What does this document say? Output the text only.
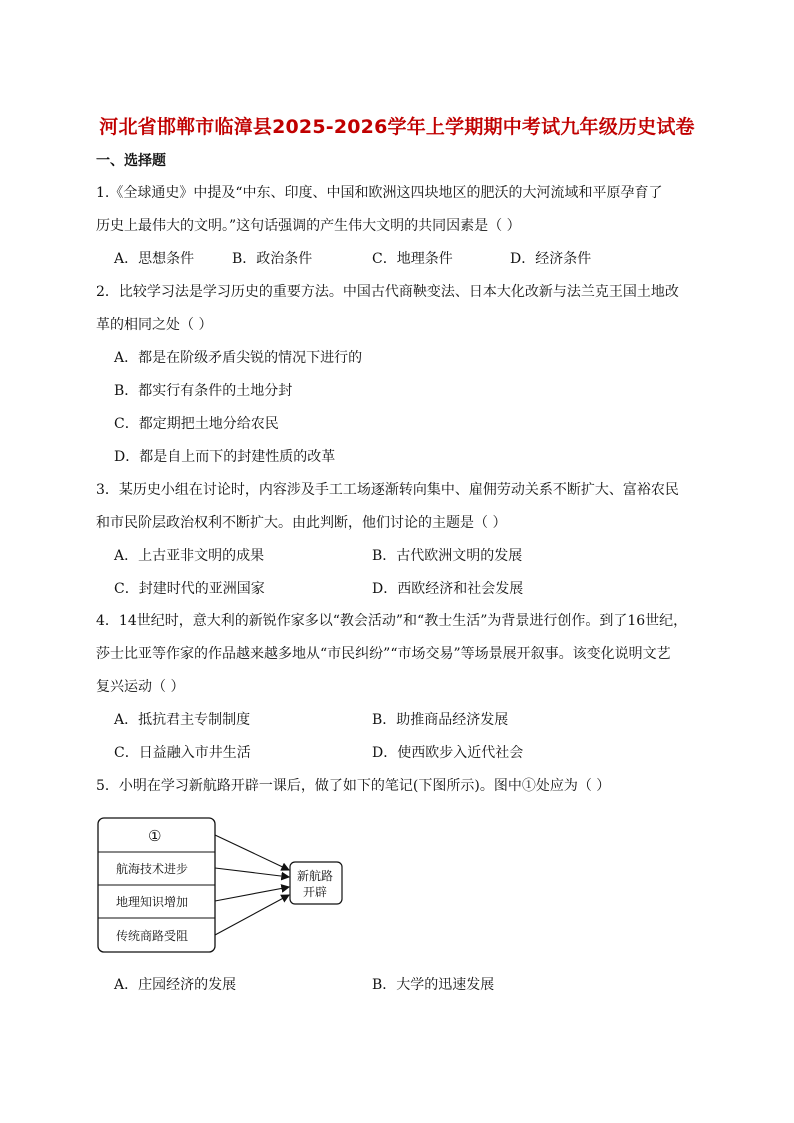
河北省邯郸市临漳县2025-2026学年上学期期中考试九年级历史试卷
一、选择题
1.《全球通史》中提及“中东、印度、中国和欧洲这四块地区的肥沃的大河流域和平原孕育了
历史上最伟大的文明。”这句话强调的产生伟大文明的共同因素是（ ）
A．思想条件	B．政治条件	C．地理条件	D．经济条件
2．比较学习法是学习历史的重要方法。中国古代商鞅变法、日本大化改新与法兰克王国土地改
革的相同之处（ ）
A．都是在阶级矛盾尖锐的情况下进行的
B．都实行有条件的土地分封
C．都定期把土地分给农民
D．都是自上而下的封建性质的改革
3．某历史小组在讨论时，内容涉及手工工场逐渐转向集中、雇佣劳动关系不断扩大、富裕农民
和市民阶层政治权利不断扩大。由此判断，他们讨论的主题是（ ）
A．上古亚非文明的成果	B．古代欧洲文明的发展
C．封建时代的亚洲国家	D．西欧经济和社会发展
4．14世纪时，意大利的新锐作家多以“教会活动”和“教士生活”为背景进行创作。到了16世纪，
莎士比亚等作家的作品越来越多地从“市民纠纷”“市场交易”等场景展开叙事。该变化说明文艺
复兴运动（ ）
A．抵抗君主专制制度	B．助推商品经济发展
C．日益融入市井生活	D．使西欧步入近代社会
5．小明在学习新航路开辟一课后，做了如下的笔记(下图所示)。图中①处应为（ ）
①
航海技术进步
地理知识增加
传统商路受阻
新航路
开辟
A．庄园经济的发展	B．大学的迅速发展
